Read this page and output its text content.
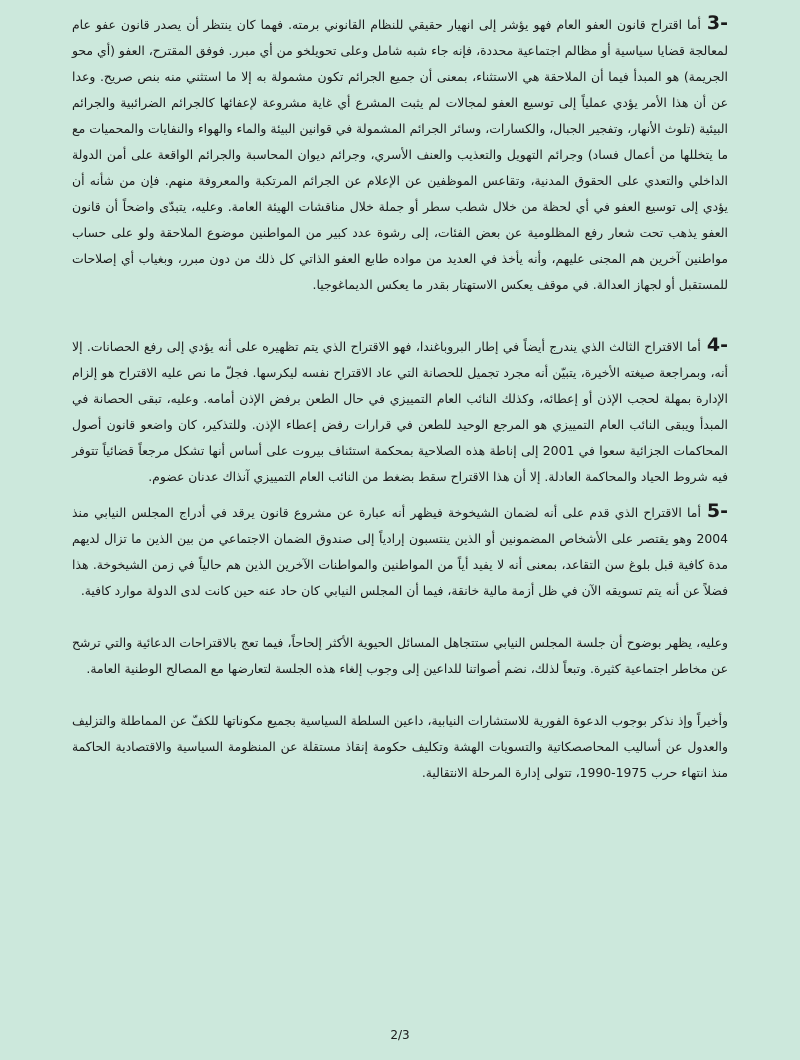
3-أما اقتراح قانون العفو العام فهو يؤشر إلى انهيار حقيقي للنظام القانوني برمته. فهما كان ينتظر أن يصدر قانون عفو عام لمعالجة قضايا سياسية أو مظالم اجتماعية محددة، فإنه جاء شبه شامل وعلى تحويلخو من أي مبرر. فوفق المقترح، العفو (أي محو الجريمة) هو المبدأ فيما أن الملاحقة هي الاستثناء، بمعنى أن جميع الجرائم تكون مشمولة به إلا ما استثني منه بنص صريح. وعدا عن أن هذا الأمر يؤدي عملياً إلى توسيع العفو لمجالات لم يثبت المشرع أي غاية مشروعة لإعفائها كالجرائم الضرائبية والجرائم البيئية (تلوث الأنهار، وتفجير الجبال، والكسارات، وسائر الجرائم المشمولة في قوانين البيئة والماء والهواء والنفايات والمحميات مع ما يتخللها من أعمال فساد) وجرائم التهويل والتعذيب والعنف الأسري، وجرائم ديوان المحاسبة والجرائم الواقعة على أمن الدولة الداخلي والتعدي على الحقوق المدنية، وتقاعس الموظفين عن الإعلام عن الجرائم المرتكبة والمعروفة منهم. فإن من شأنه أن يؤدي إلى توسيع العفو في أي لحظة من خلال شطب سطر أو جملة خلال مناقشات الهيئة العامة. وعليه، يتبدّى واضحاً أن قانون العفو يذهب تحت شعار رفع المظلومية عن بعض الفئات، إلى رشوة عدد كبير من المواطنين موضوع الملاحقة ولو على حساب مواطنين آخرين هم المجنى عليهم، وأنه يأخذ في العديد من مواده طابع العفو الذاتي كل ذلك من دون مبرر، وبغياب أي إصلاحات للمستقبل أو لجهاز العدالة. في موقف يعكس الاستهتار بقدر ما يعكس الديماغوجيا.

4-أما الاقتراح الثالث الذي يندرج أيضاً في إطار البروباغندا، فهو الاقتراح الذي يتم تظهيره على أنه يؤدي إلى رفع الحصانات. إلا أنه، وبمراجعة صيغته الأخيرة، يتبيّن أنه مجرد تجميل للحصانة التي عاد الاقتراح نفسه ليكرسها. فجلّ ما نص عليه الاقتراح هو إلزام الإدارة بمهلة لحجب الإذن أو إعطائه، وكذلك النائب العام التمييزي في حال الطعن برفض الإذن أمامه. وعليه، تبقى الحصانة في المبدأ ويبقى النائب العام التمييزي هو المرجع الوحيد للطعن في قرارات رفض إعطاء الإذن. وللتذكير، كان واضعو قانون أصول المحاكمات الجزائية سعوا في 2001 إلى إناطة هذه الصلاحية بمحكمة استئناف بيروت على أساس أنها تشكل مرجعاً قضائياً تتوفر فيه شروط الحياد والمحاكمة العادلة. إلا أن هذا الاقتراح سقط بضغط من النائب العام التمييزي آنذاك عدنان عضوم.

5-أما الاقتراح الذي قدم على أنه لضمان الشيخوخة فيظهر أنه عبارة عن مشروع قانون يرقد في أدراج المجلس النيابي منذ 2004 وهو يقتصر على الأشخاص المضمونين أو الذين ينتسبون إرادياً إلى صندوق الضمان الاجتماعي من بين الذين ما تزال لديهم مدة كافية قبل بلوغ سن التقاعد، بمعنى أنه لا يفيد أياً من المواطنين والمواطنات الآخرين الذين هم حالياً في زمن الشيخوخة. هذا فضلاً عن أنه يتم تسويقه الآن في ظل أزمة مالية خانقة، فيما أن المجلس النيابي كان حاد عنه حين كانت لدى الدولة موارد كافية.

وعليه، يظهر بوضوح أن جلسة المجلس النيابي ستتجاهل المسائل الحيوية الأكثر إلحاحاً، فيما تعج بالاقتراحات الدعائية والتي ترشح عن مخاطر اجتماعية كثيرة. وتبعاً لذلك، نضم أصواتنا للداعين إلى وجوب إلغاء هذه الجلسة لتعارضها مع المصالح الوطنية العامة.

وأخيراً وإذ نذكر بوجوب الدعوة الفورية للاستشارات النيابية، داعين السلطة السياسية بجميع مكوناتها للكفّ عن المماطلة والتزليف والعدول عن أساليب المحاصصكاتية والتسويات الهشة وتكليف حكومة إنقاذ مستقلة عن المنظومة السياسية والاقتصادية الحاكمة منذ انتهاء حرب 1975-1990، تتولى إدارة المرحلة الانتقالية.

2/3
